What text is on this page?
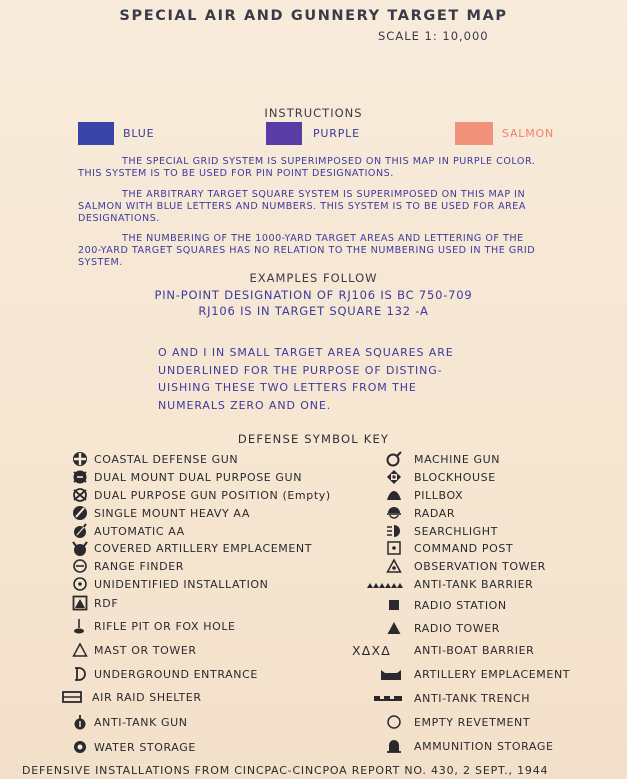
SPECIAL AIR AND GUNNERY TARGET MAP
SCALE 1: 10,000
INSTRUCTIONS
BLUE	PURPLE	SALMON
THE SPECIAL GRID SYSTEM IS SUPERIMPOSED ON THIS MAP IN PURPLE COLOR. THIS SYSTEM IS TO BE USED FOR PIN POINT DESIGNATIONS.
THE ARBITRARY TARGET SQUARE SYSTEM IS SUPERIMPOSED ON THIS MAP IN SALMON WITH BLUE LETTERS AND NUMBERS. THIS SYSTEM IS TO BE USED FOR AREA DESIGNATIONS.
THE NUMBERING OF THE 1000-YARD TARGET AREAS AND LETTERING OF THE 200-YARD TARGET SQUARES HAS NO RELATION TO THE NUMBERING USED IN THE GRID SYSTEM.
EXAMPLES FOLLOW
PIN-POINT DESIGNATION OF RJ106 IS BC 750-709
RJ106 IS IN TARGET SQUARE 132 -A
O AND I IN SMALL TARGET AREA SQUARES ARE
UNDERLINED FOR THE PURPOSE OF DISTING-
UISHING THESE TWO LETTERS FROM THE
NUMERALS ZERO AND ONE.
DEFENSE SYMBOL KEY
COASTAL DEFENSE GUN
DUAL MOUNT DUAL PURPOSE GUN
DUAL PURPOSE GUN POSITION (Empty)
SINGLE MOUNT HEAVY AA
AUTOMATIC AA
COVERED ARTILLERY EMPLACEMENT
RANGE FINDER
UNIDENTIFIED INSTALLATION
RDF
RIFLE PIT OR FOX HOLE
MAST OR TOWER
UNDERGROUND ENTRANCE
AIR RAID SHELTER
ANTI-TANK GUN
WATER STORAGE
MACHINE GUN
BLOCKHOUSE
PILLBOX
RADAR
SEARCHLIGHT
COMMAND POST
OBSERVATION TOWER
ANTI-TANK BARRIER
RADIO STATION
RADIO TOWER
XΔXΔ ANTI-BOAT BARRIER
ARTILLERY EMPLACEMENT
ANTI-TANK TRENCH
EMPTY REVETMENT
AMMUNITION STORAGE
DEFENSIVE INSTALLATIONS FROM CINCPAC-CINCPOA REPORT NO. 430, 2 SEPT., 1944
